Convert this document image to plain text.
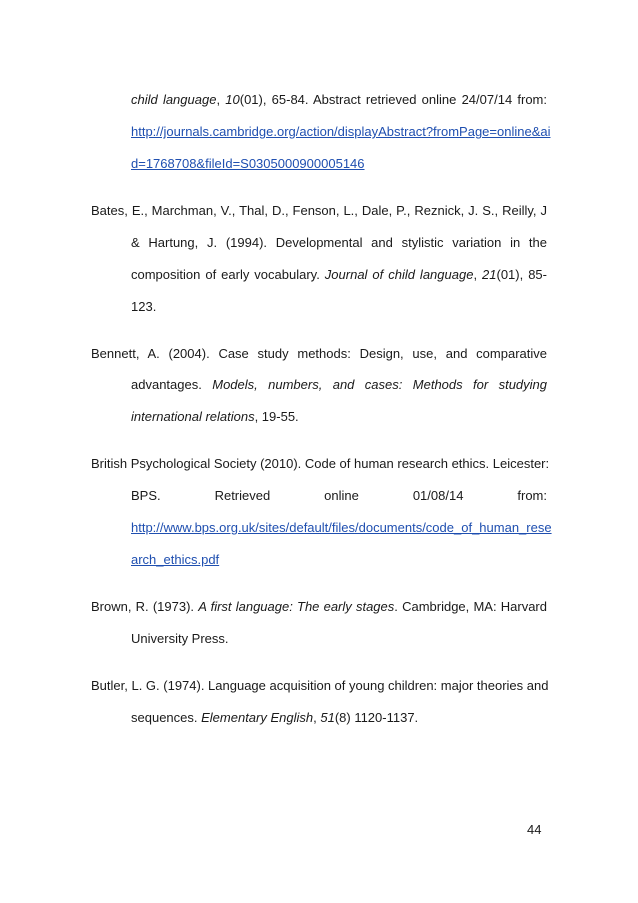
child language, 10(01), 65-84. Abstract retrieved online 24/07/14 from:
http://journals.cambridge.org/action/displayAbstract?fromPage=online&ai
d=1768708&fileId=S0305000900005146
Bates, E., Marchman, V., Thal, D., Fenson, L., Dale, P., Reznick, J. S., Reilly, J
& Hartung, J. (1994). Developmental and stylistic variation in the
composition of early vocabulary. Journal of child language, 21(01), 85-
123.
Bennett, A. (2004). Case study methods: Design, use, and comparative
advantages. Models, numbers, and cases: Methods for studying
international relations, 19-55.
British Psychological Society (2010). Code of human research ethics. Leicester:
BPS. Retrieved online 01/08/14 from:
http://www.bps.org.uk/sites/default/files/documents/code_of_human_rese
arch_ethics.pdf
Brown, R. (1973). A first language: The early stages. Cambridge, MA: Harvard
University Press.
Butler, L. G. (1974). Language acquisition of young children: major theories and
sequences. Elementary English, 51(8) 1120-1137.
44
